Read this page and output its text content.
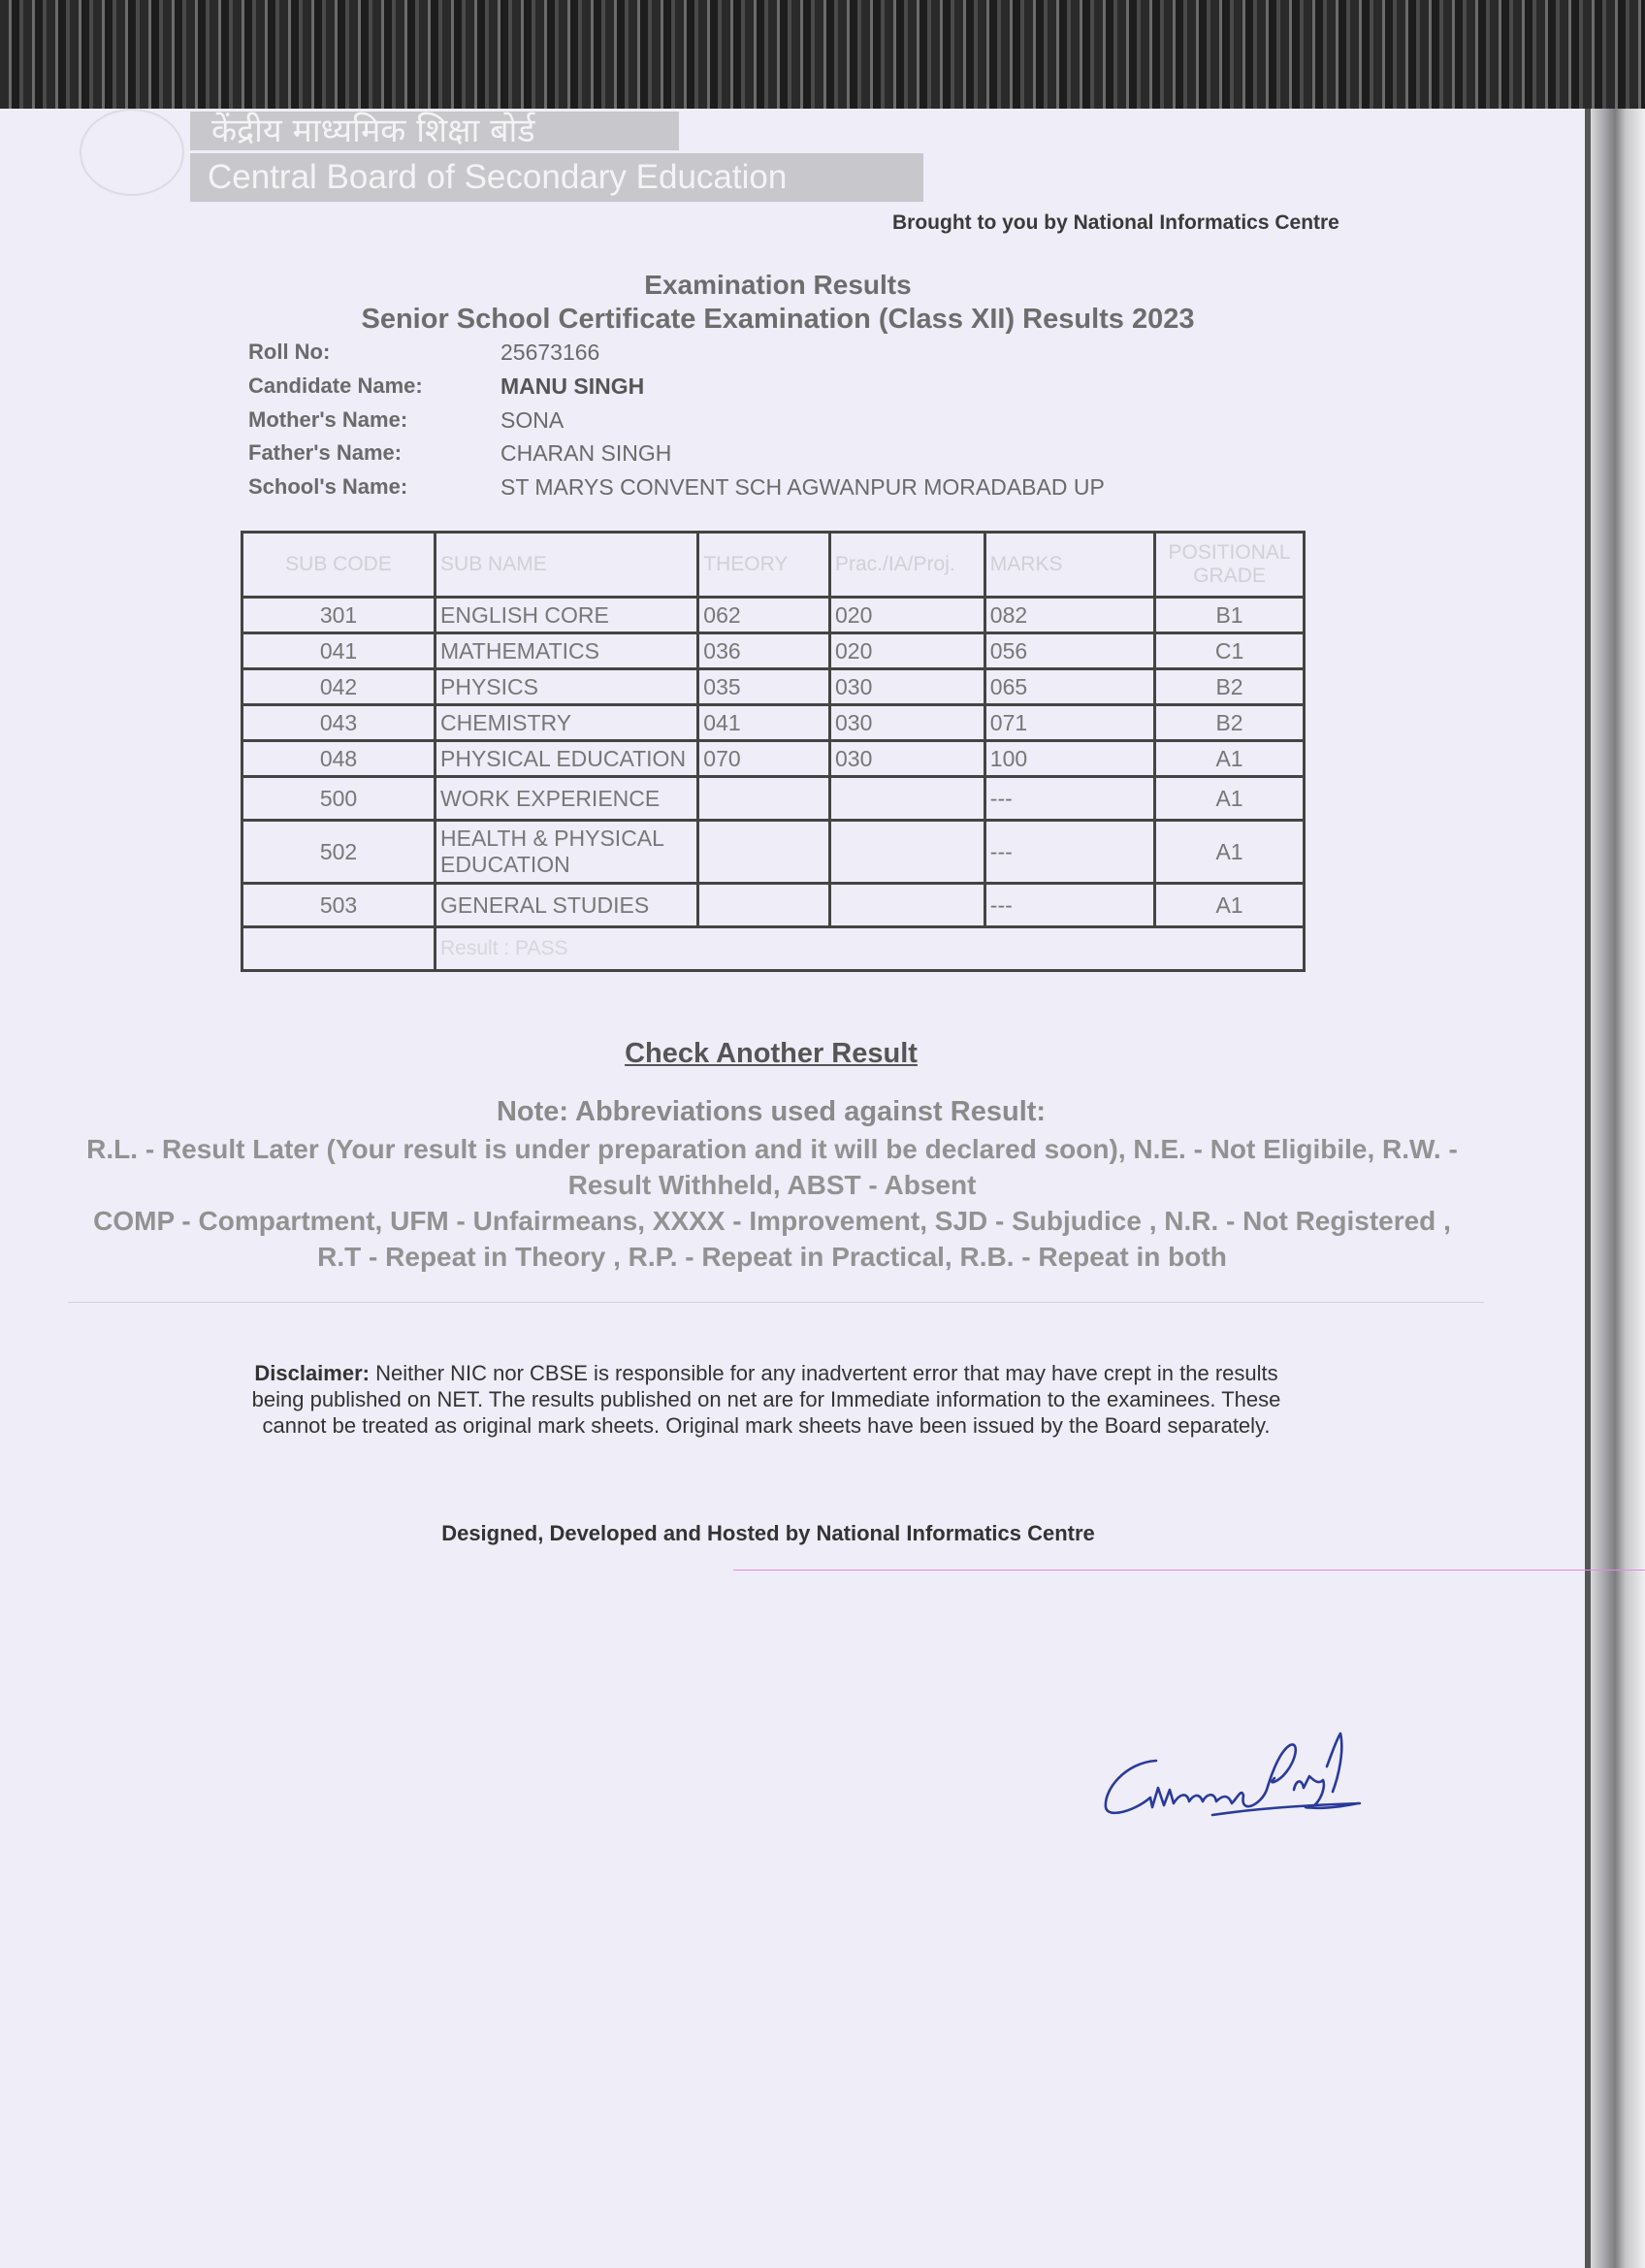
केंद्रीय माध्यमिक शिक्षा बोर्ड
Central Board of Secondary Education
Brought to you by National Informatics Centre
Examination Results
Senior School Certificate Examination (Class XII) Results 2023
Roll No:	25673166
Candidate Name:	MANU SINGH
Mother's Name:	SONA
Father's Name:	CHARAN SINGH
School's Name:	ST MARYS CONVENT SCH AGWANPUR MORADABAD UP
SUB CODE	SUB NAME	THEORY	Prac./IA/Proj.	MARKS	POSITIONAL GRADE
301	ENGLISH CORE	062	020	082	B1
041	MATHEMATICS	036	020	056	C1
042	PHYSICS	035	030	065	B2
043	CHEMISTRY	041	030	071	B2
048	PHYSICAL EDUCATION	070	030	100	A1
500	WORK EXPERIENCE			---	A1
502	HEALTH & PHYSICAL EDUCATION			---	A1
503	GENERAL STUDIES			---	A1
	Result : PASS				
Check Another Result
Note: Abbreviations used against Result:
R.L. - Result Later (Your result is under preparation and it will be declared soon), N.E. - Not Eligibile, R.W. - Result Withheld, ABST - Absent
COMP - Compartment, UFM - Unfairmeans, XXXX - Improvement, SJD - Subjudice , N.R. - Not Registered , R.T - Repeat in Theory , R.P. - Repeat in Practical, R.B. - Repeat in both
Disclaimer: Neither NIC nor CBSE is responsible for any inadvertent error that may have crept in the results being published on NET. The results published on net are for Immediate information to the examinees. These cannot be treated as original mark sheets. Original mark sheets have been issued by the Board separately.
Designed, Developed and Hosted by National Informatics Centre
